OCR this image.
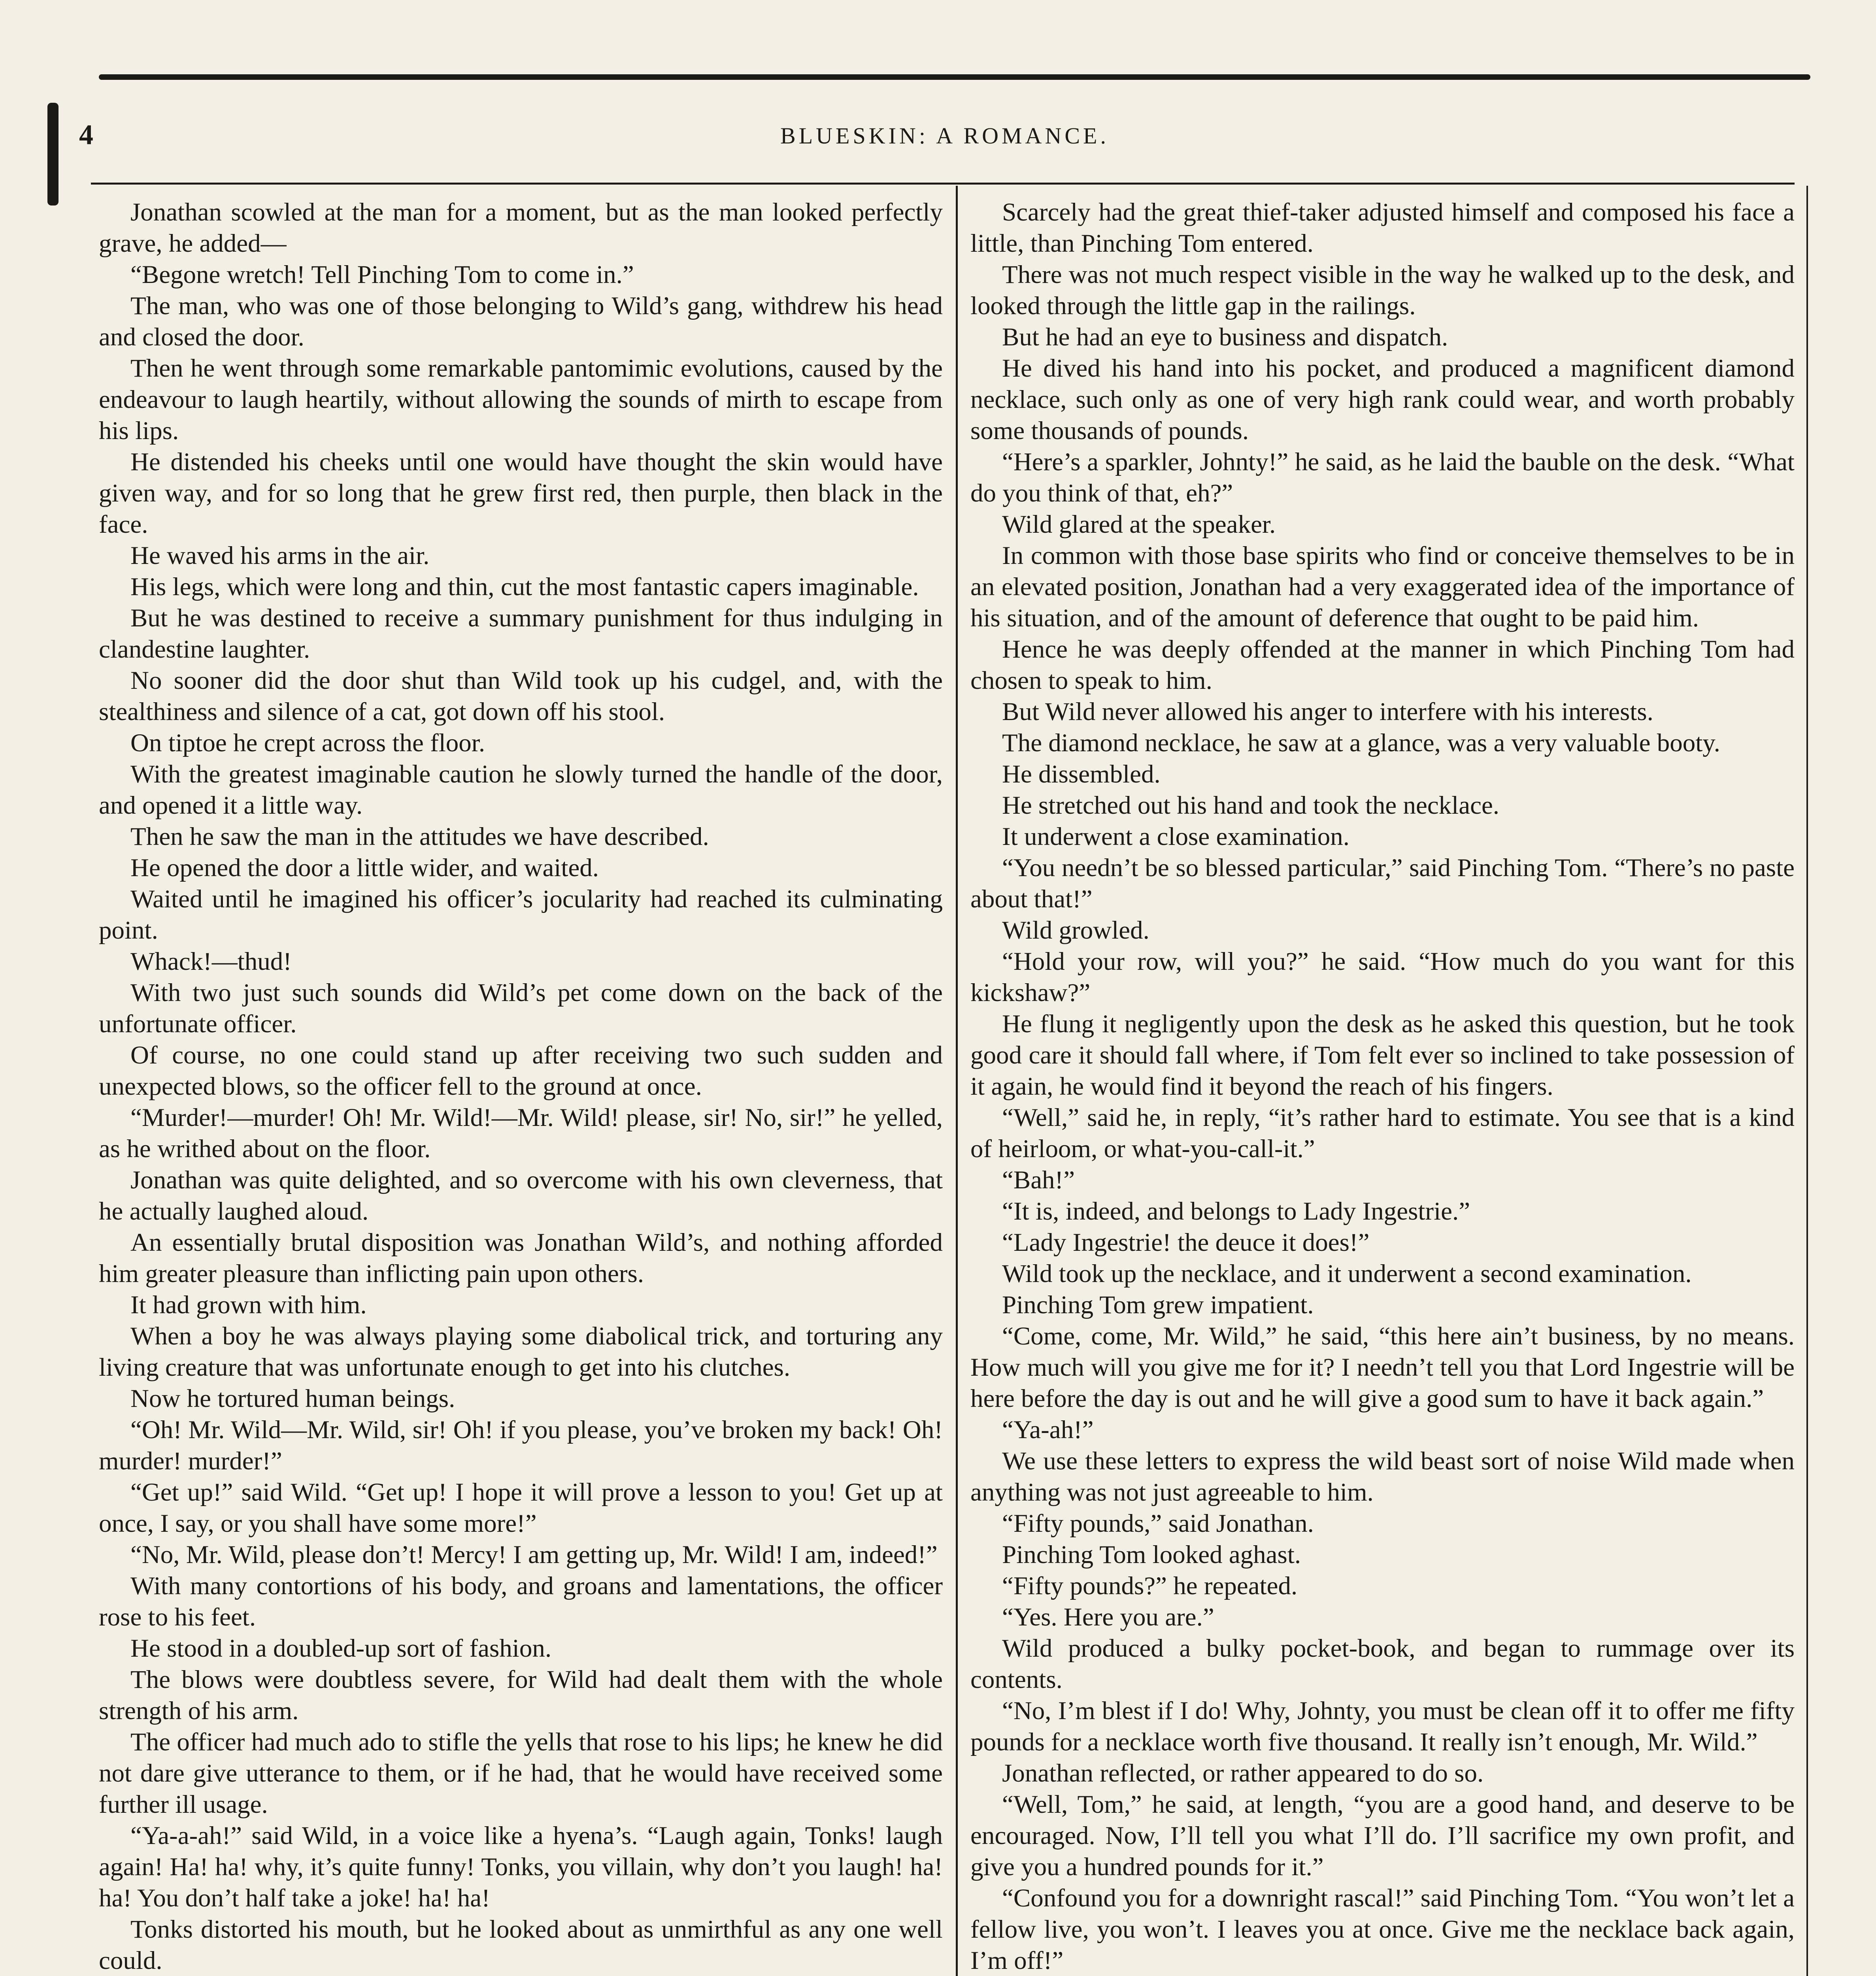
4	BLUESKIN: A ROMANCE.

Jonathan scowled at the man for a moment, but as the man looked perfectly grave, he added—

“Begone wretch! Tell Pinching Tom to come in.”

The man, who was one of those belonging to Wild’s gang, withdrew his head and closed the door.

Then he went through some remarkable pantomimic evolutions, caused by the endeavour to laugh heartily, without allowing the sounds of mirth to escape from his lips.

He distended his cheeks until one would have thought the skin would have given way, and for so long that he grew first red, then purple, then black in the face.

He waved his arms in the air.

His legs, which were long and thin, cut the most fantastic capers imaginable.

But he was destined to receive a summary punishment for thus indulging in clandestine laughter.

No sooner did the door shut than Wild took up his cudgel, and, with the stealthiness and silence of a cat, got down off his stool.

On tiptoe he crept across the floor.

With the greatest imaginable caution he slowly turned the handle of the door, and opened it a little way.

Then he saw the man in the attitudes we have described.

He opened the door a little wider, and waited.

Waited until he imagined his officer’s jocularity had reached its culminating point.

Whack!—thud!

With two just such sounds did Wild’s pet come down on the back of the unfortunate officer.

Of course, no one could stand up after receiving two such sudden and unexpected blows, so the officer fell to the ground at once.

“Murder!—murder! Oh! Mr. Wild!—Mr. Wild! please, sir! No, sir!” he yelled, as he writhed about on the floor.

Jonathan was quite delighted, and so overcome with his own cleverness, that he actually laughed aloud.

An essentially brutal disposition was Jonathan Wild’s, and nothing afforded him greater pleasure than inflicting pain upon others.

It had grown with him.

When a boy he was always playing some diabolical trick, and torturing any living creature that was unfortunate enough to get into his clutches.

Now he tortured human beings.

“Oh! Mr. Wild—Mr. Wild, sir! Oh! if you please, you’ve broken my back! Oh! murder! murder!”

“Get up!” said Wild. “Get up! I hope it will prove a lesson to you! Get up at once, I say, or you shall have some more!”

“No, Mr. Wild, please don’t! Mercy! I am getting up, Mr. Wild! I am, indeed!”

With many contortions of his body, and groans and lamentations, the officer rose to his feet.

He stood in a doubled-up sort of fashion.

The blows were doubtless severe, for Wild had dealt them with the whole strength of his arm.

The officer had much ado to stifle the yells that rose to his lips; he knew he did not dare give utterance to them, or if he had, that he would have received some further ill usage.

“Ya-a-ah!” said Wild, in a voice like a hyena’s. “Laugh again, Tonks! laugh again! Ha! ha! why, it’s quite funny! Tonks, you villain, why don’t you laugh! ha! ha! You don’t half take a joke! ha! ha!

Tonks distorted his mouth, but he looked about as unmirthful as any one well could.

Scarcely had the great thief-taker adjusted himself and composed his face a little, than Pinching Tom entered.

There was not much respect visible in the way he walked up to the desk, and looked through the little gap in the railings.

But he had an eye to business and dispatch.

He dived his hand into his pocket, and produced a magnificent diamond necklace, such only as one of very high rank could wear, and worth probably some thousands of pounds.

“Here’s a sparkler, Johnty!” he said, as he laid the bauble on the desk. “What do you think of that, eh?”

Wild glared at the speaker.

In common with those base spirits who find or conceive themselves to be in an elevated position, Jonathan had a very exaggerated idea of the importance of his situation, and of the amount of deference that ought to be paid him.

Hence he was deeply offended at the manner in which Pinching Tom had chosen to speak to him.

But Wild never allowed his anger to interfere with his interests.

The diamond necklace, he saw at a glance, was a very valuable booty.

He dissembled.

He stretched out his hand and took the necklace.

It underwent a close examination.

“You needn’t be so blessed particular,” said Pinching Tom. “There’s no paste about that!”

Wild growled.

“Hold your row, will you?” he said. “How much do you want for this kickshaw?”

He flung it negligently upon the desk as he asked this question, but he took good care it should fall where, if Tom felt ever so inclined to take possession of it again, he would find it beyond the reach of his fingers.

“Well,” said he, in reply, “it’s rather hard to estimate. You see that is a kind of heirloom, or what-you-call-it.”

“Bah!”

“It is, indeed, and belongs to Lady Ingestrie.”

“Lady Ingestrie! the deuce it does!”

Wild took up the necklace, and it underwent a second examination.

Pinching Tom grew impatient.

“Come, come, Mr. Wild,” he said, “this here ain’t business, by no means. How much will you give me for it? I needn’t tell you that Lord Ingestrie will be here before the day is out and he will give a good sum to have it back again.”

“Ya-ah!”

We use these letters to express the wild beast sort of noise Wild made when anything was not just agreeable to him.

“Fifty pounds,” said Jonathan.

Pinching Tom looked aghast.

“Fifty pounds?” he repeated.

“Yes. Here you are.”

Wild produced a bulky pocket-book, and began to rummage over its contents.

“No, I’m blest if I do! Why, Johnty, you must be clean off it to offer me fifty pounds for a necklace worth five thousand. It really isn’t enough, Mr. Wild.”

Jonathan reflected, or rather appeared to do so.

“Well, Tom,” he said, at length, “you are a good hand, and deserve to be encouraged. Now, I’ll tell you what I’ll do. I’ll sacrifice my own profit, and give you a hundred pounds for it.”

“Confound you for a downright rascal!” said Pinching Tom. “You won’t let a fellow live, you won’t. I leaves you at once. Give me the necklace back again, I’m off!”
